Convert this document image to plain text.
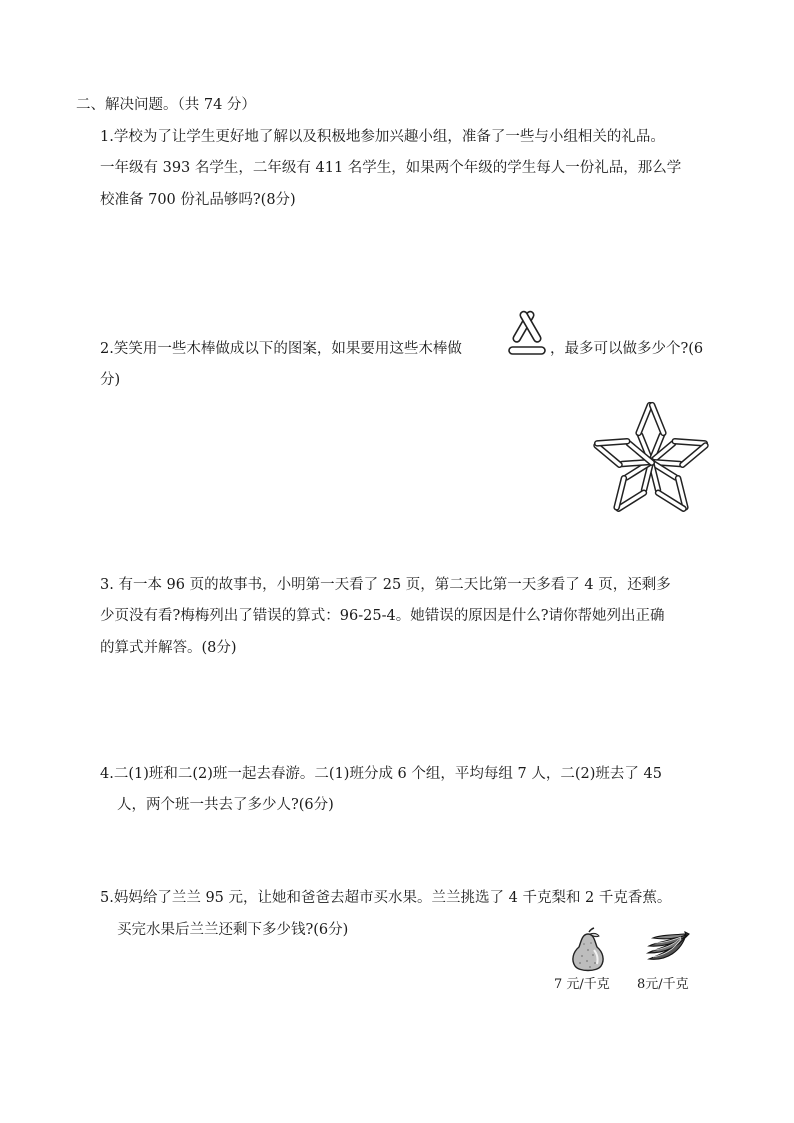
二、解决问题。（共 74 分）
1.学校为了让学生更好地了解以及积极地参加兴趣小组，准备了一些与小组相关的礼品。
一年级有 393 名学生，二年级有 411 名学生，如果两个年级的学生每人一份礼品，那么学
校准备 700 份礼品够吗?(8分)
2.笑笑用一些木棒做成以下的图案，如果要用这些木棒做	，最多可以做多少个?(6
分)
3. 有一本 96 页的故事书，小明第一天看了 25 页，第二天比第一天多看了 4 页，还剩多
少页没有看?梅梅列出了错误的算式：96-25-4。她错误的原因是什么?请你帮她列出正确
的算式并解答。(8分)
4.二(1)班和二(2)班一起去春游。二(1)班分成 6 个组，平均每组 7 人，二(2)班去了 45
人，两个班一共去了多少人?(6分)
5.妈妈给了兰兰 95 元，让她和爸爸去超市买水果。兰兰挑选了 4 千克梨和 2 千克香蕉。
买完水果后兰兰还剩下多少钱?(6分)
7 元/千克 8元/千克
